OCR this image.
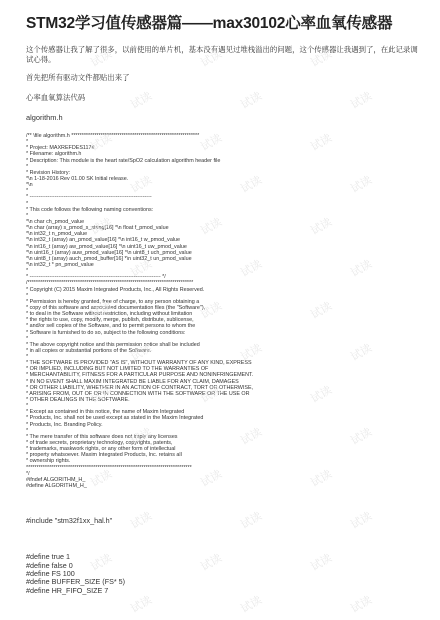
STM32学习值传感器篇——max30102心率血氧传感器
这个传感器让我了解了很多，以前使用的单片机，基本没有遇见过堆栈溢出的问题，这个传感器让我遇到了，在此记录调试心得。
首先把所有驱动文件都贴出来了
心率血氧算法代码
algorithm.h
/** \file algorithm.h *************************************************************
*
* Project: MAXREFDES117#
* Filename: algorithm.h
* Description: This module is the heart rate/SpO2 calculation algorithm header file
*
* Revision History:
*\n 1-18-2016 Rev 01.00 SK Initial release.
*\n
*
* --------------------------------------------------------------------
*
* This code follows the following naming conventions:
*
*\n char ch_pmod_value
*\n char (array) s_pmod_s_string[16] *\n float f_pmod_value
*\n int32_t n_pmod_value
*\n int32_t (array) an_pmod_value[16] *\n int16_t w_pmod_value
*\n int16_t (array) aw_pmod_value[16] *\n uint16_t uw_pmod_value
*\n uint16_t (array) auw_pmod_value[16] *\n uint8_t uch_pmod_value
*\n uint8_t (array) auch_pmod_buffer[16] *\n uint32_t un_pmod_value
*\n int32_t * pn_pmod_value
*
* ------------------------------------------------------------------------- */
/*******************************************************************************
* Copyright (C) 2015 Maxim Integrated Products, Inc., All Rights Reserved.
*
* Permission is hereby granted, free of charge, to any person obtaining a
* copy of this software and associated documentation files (the "Software"),
* to deal in the Software without restriction, including without limitation
* the rights to use, copy, modify, merge, publish, distribute, sublicense,
* and/or sell copies of the Software, and to permit persons to whom the
* Software is furnished to do so, subject to the following conditions:
*
* The above copyright notice and this permission notice shall be included
* in all copies or substantial portions of the Software.
*
* THE SOFTWARE IS PROVIDED "AS IS", WITHOUT WARRANTY OF ANY KIND, EXPRESS
* OR IMPLIED, INCLUDING BUT NOT LIMITED TO THE WARRANTIES OF
* MERCHANTABILITY, FITNESS FOR A PARTICULAR PURPOSE AND NONINFRINGEMENT.
* IN NO EVENT SHALL MAXIM INTEGRATED BE LIABLE FOR ANY CLAIM, DAMAGES
* OR OTHER LIABILITY, WHETHER IN AN ACTION OF CONTRACT, TORT OR OTHERWISE,
* ARISING FROM, OUT OF OR IN CONNECTION WITH THE SOFTWARE OR THE USE OR
* OTHER DEALINGS IN THE SOFTWARE.
*
* Except as contained in this notice, the name of Maxim Integrated
* Products, Inc. shall not be used except as stated in the Maxim Integrated
* Products, Inc. Branding Policy.
*
* The mere transfer of this software does not imply any licenses
* of trade secrets, proprietary technology, copyrights, patents,
* trademarks, maskwork rights, or any other form of intellectual
* property whatsoever. Maxim Integrated Products, Inc. retains all
* ownership rights.
*******************************************************************************
*/
#ifndef ALGORITHM_H_
#define ALGORITHM_H_

#include "stm32f1xx_hal.h"

#define true 1
#define false 0
#define FS 100
#define BUFFER_SIZE (FS* 5)
#define HR_FIFO_SIZE 7
试读	试读	试读
试读	试读	试读
试读	试读	试读
试读	试读	试读
试读	试读	试读
试读	试读	试读
试读	试读	试读
试读	试读	试读
试读	试读	试读
试读	试读	试读
试读	试读	试读
试读	试读	试读
试读	试读	试读
试读	试读	试读
